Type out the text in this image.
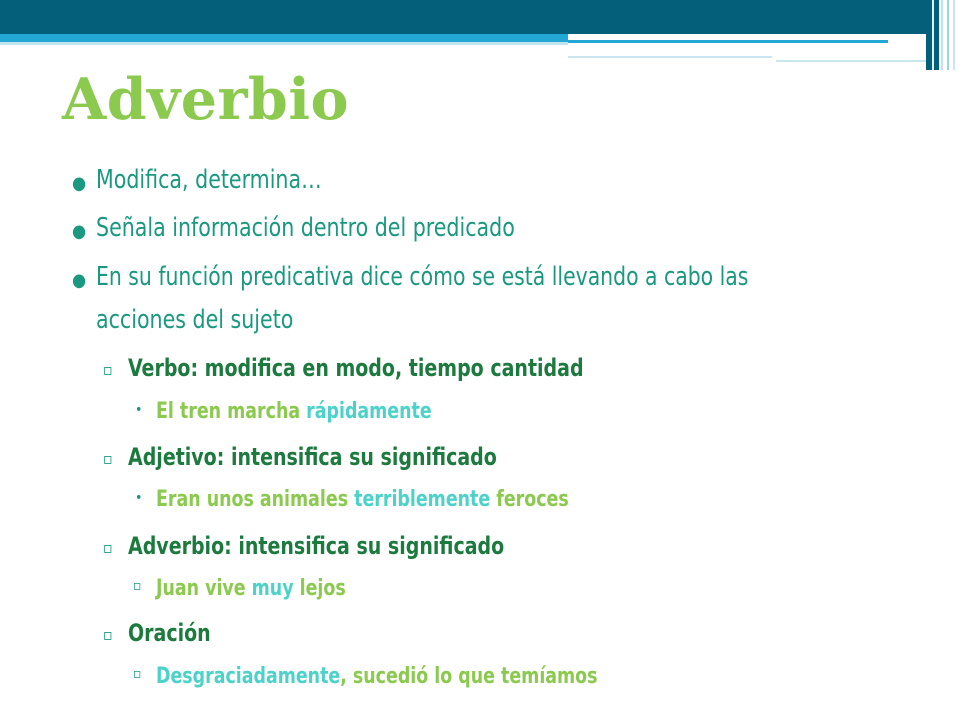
Adverbio
● Modifica, determina…
● Señala información dentro del predicado
● En su función predicativa dice cómo se está llevando a cabo las
acciones del sujeto
▫ Verbo: modifica en modo, tiempo cantidad
• El tren marcha rápidamente
▫ Adjetivo: intensifica su significado
• Eran unos animales terriblemente feroces
▫ Adverbio: intensifica su significado
▫ Juan vive muy lejos
▫ Oración
▫ Desgraciadamente, sucedió lo que temíamos
